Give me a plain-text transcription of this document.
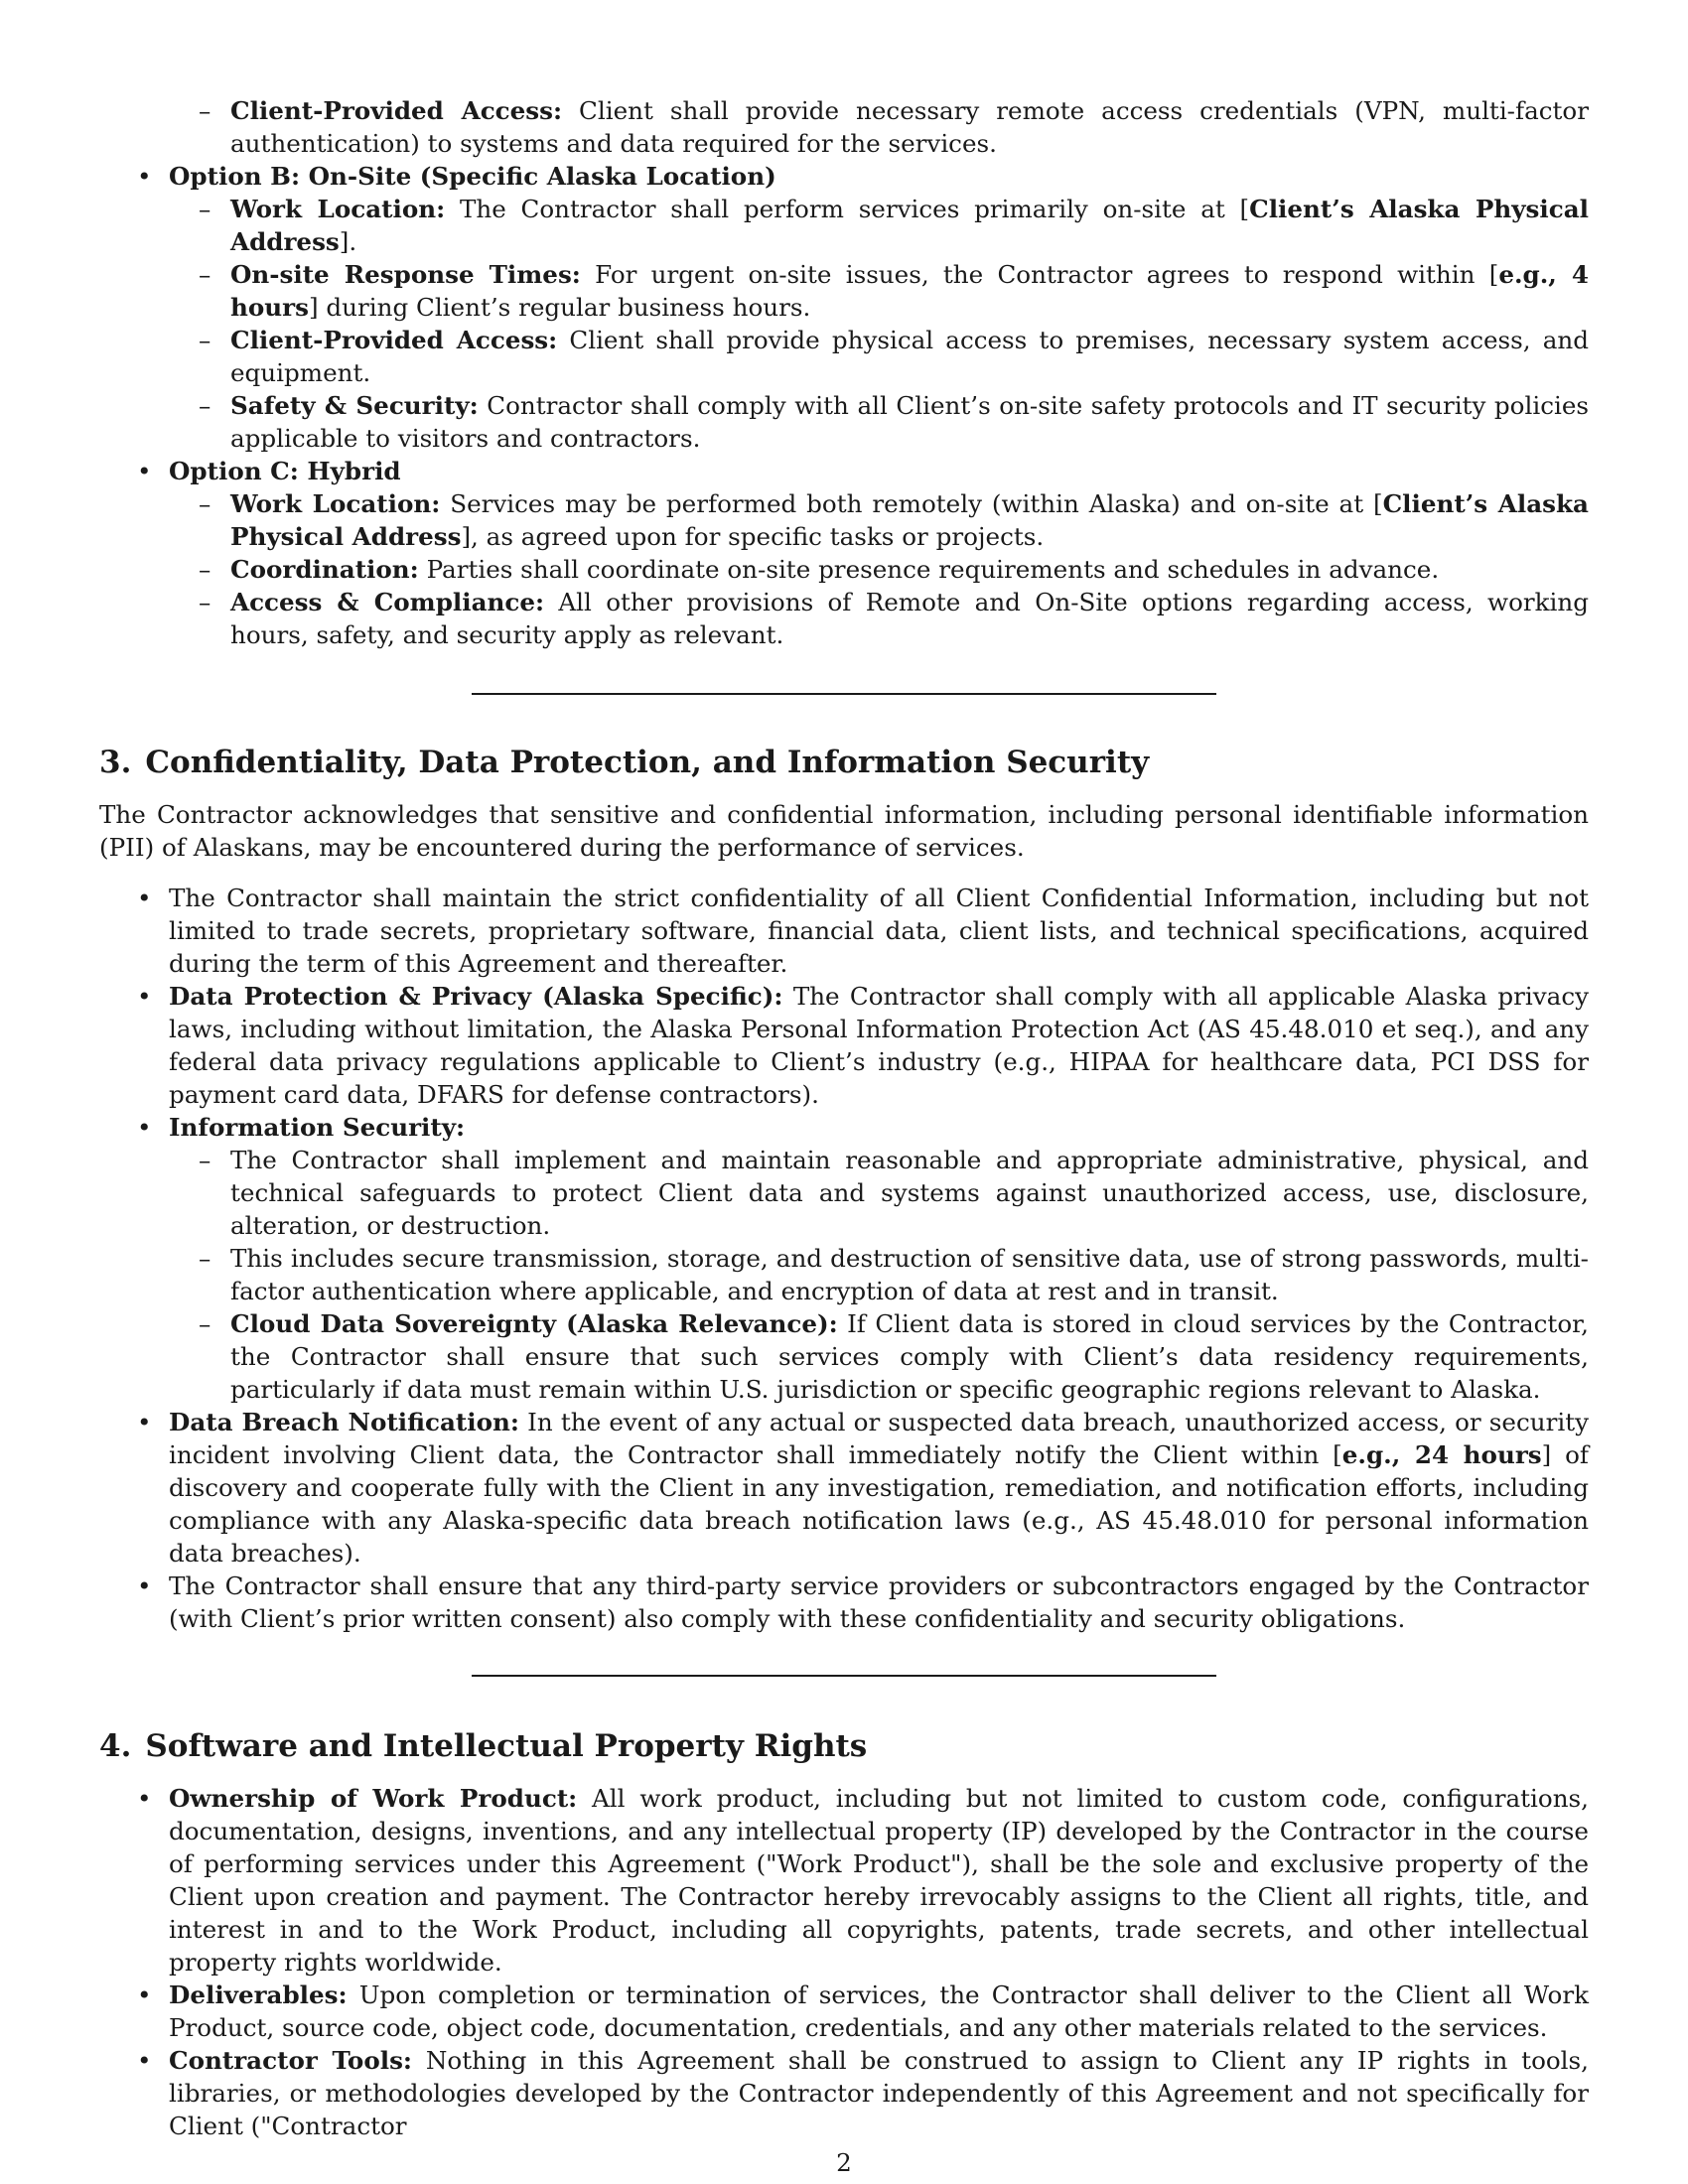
– Client-Provided Access: Client shall provide necessary remote access credentials (VPN, multi-factor authentication) to systems and data required for the services.
• Option B: On-Site (Specific Alaska Location)
– Work Location: The Contractor shall perform services primarily on-site at [Client’s Alaska Physical Address].
– On-site Response Times: For urgent on-site issues, the Contractor agrees to respond within [e.g., 4 hours] during Client’s regular business hours.
– Client-Provided Access: Client shall provide physical access to premises, necessary system access, and equipment.
– Safety & Security: Contractor shall comply with all Client’s on-site safety protocols and IT security policies applicable to visitors and contractors.
• Option C: Hybrid
– Work Location: Services may be performed both remotely (within Alaska) and on-site at [Client’s Alaska Physical Address], as agreed upon for specific tasks or projects.
– Coordination: Parties shall coordinate on-site presence requirements and schedules in advance.
– Access & Compliance: All other provisions of Remote and On-Site options regarding access, working hours, safety, and security apply as relevant.
3. Confidentiality, Data Protection, and Information Security

The Contractor acknowledges that sensitive and confidential information, including personal identifiable information (PII) of Alaskans, may be encountered during the performance of services.

• The Contractor shall maintain the strict confidentiality of all Client Confidential Information, including but not limited to trade secrets, proprietary software, financial data, client lists, and technical specifications, acquired during the term of this Agreement and thereafter.
• Data Protection & Privacy (Alaska Specific): The Contractor shall comply with all applicable Alaska privacy laws, including without limitation, the Alaska Personal Information Protection Act (AS 45.48.010 et seq.), and any federal data privacy regulations applicable to Client’s industry (e.g., HIPAA for healthcare data, PCI DSS for payment card data, DFARS for defense contractors).
• Information Security:
– The Contractor shall implement and maintain reasonable and appropriate administrative, physical, and technical safeguards to protect Client data and systems against unauthorized access, use, disclosure, alteration, or destruction.
– This includes secure transmission, storage, and destruction of sensitive data, use of strong passwords, multi-factor authentication where applicable, and encryption of data at rest and in transit.
– Cloud Data Sovereignty (Alaska Relevance): If Client data is stored in cloud services by the Contractor, the Contractor shall ensure that such services comply with Client’s data residency requirements, particularly if data must remain within U.S. jurisdiction or specific geographic regions relevant to Alaska.
• Data Breach Notification: In the event of any actual or suspected data breach, unauthorized access, or security incident involving Client data, the Contractor shall immediately notify the Client within [e.g., 24 hours] of discovery and cooperate fully with the Client in any investigation, remediation, and notification efforts, including compliance with any Alaska-specific data breach notification laws (e.g., AS 45.48.010 for personal information data breaches).
• The Contractor shall ensure that any third-party service providers or subcontractors engaged by the Contractor (with Client’s prior written consent) also comply with these confidentiality and security obligations.
4. Software and Intellectual Property Rights
• Ownership of Work Product: All work product, including but not limited to custom code, configurations, documentation, designs, inventions, and any intellectual property (IP) developed by the Contractor in the course of performing services under this Agreement ("Work Product"), shall be the sole and exclusive property of the Client upon creation and payment. The Contractor hereby irrevocably assigns to the Client all rights, title, and interest in and to the Work Product, including all copyrights, patents, trade secrets, and other intellectual property rights worldwide.
• Deliverables: Upon completion or termination of services, the Contractor shall deliver to the Client all Work Product, source code, object code, documentation, credentials, and any other materials related to the services.
• Contractor Tools: Nothing in this Agreement shall be construed to assign to Client any IP rights in tools, libraries, or methodologies developed by the Contractor independently of this Agreement and not specifically for Client ("Contractor
2
